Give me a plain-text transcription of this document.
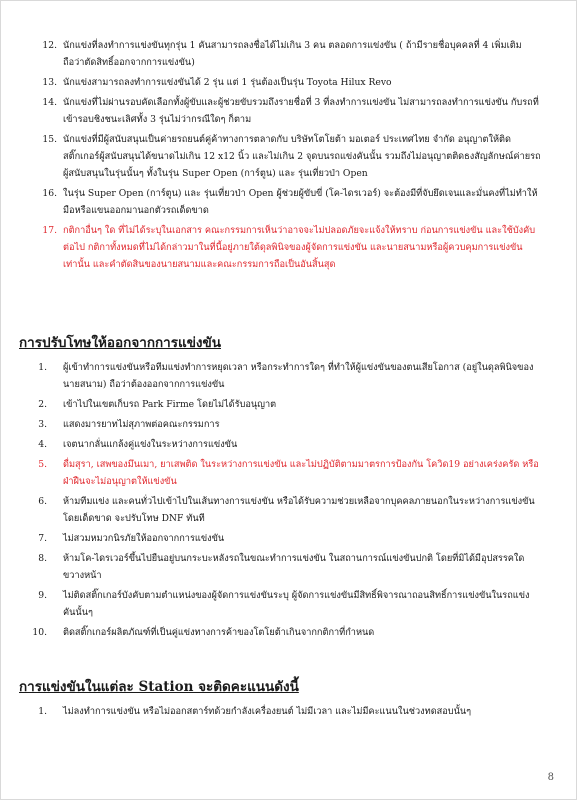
12. นักแข่งที่ลงทำการแข่งขันทุกรุ่น 1 คันสามารถลงชื่อได้ไม่เกิน 3 คน ตลอดการแข่งขัน ( ถ้ามีรายชื่อบุคคลที่ 4 เพิ่มเติม ถือว่าตัดสิทธิ์ออกจากการแข่งขัน)
13. นักแข่งสามารถลงทำการแข่งขันได้ 2 รุ่น แต่ 1 รุ่นต้องเป็นรุ่น Toyota Hilux Revo
14. นักแข่งที่ไม่ผ่านรอบคัดเลือกทั้งผู้ขับและผู้ช่วยขับรวมถึงรายชื่อที่ 3 ที่ลงทำการแข่งขัน ไม่สามารถลงทำการแข่งขัน กับรถที่เข้ารอบชิงชนะเลิศทั้ง 3 รุ่นไม่ว่ากรณีใดๆ ก็ตาม
15. นักแข่งที่มีผู้สนับสนุนเป็นค่ายรถยนต์คู่ค้าทางการตลาดกับ บริษัทโตโยต้า มอเตอร์ ประเทศไทย จำกัด อนุญาตให้ติดสติ๊กเกอร์ผู้สนับสนุนได้ขนาดไม่เกิน 12 x12 นิ้ว และไม่เกิน 2 จุดบนรถแข่งคันนั้น รวมถึงไม่อนุญาตติดธงสัญลักษณ์ค่ายรถผู้สนับสนุนในรุ่นนั้นๆ ทั้งในรุ่น Super Open (การ์ตูน) และ รุ่นเที่ยวป่า Open
16. ในรุ่น Super Open (การ์ตูน) และ รุ่นเที่ยวป่า Open ผู้ช่วยผู้ขับขี่ (โค-ไดรเวอร์) จะต้องมีที่จับยึดเจนและมั่นคงที่ไม่ทำให้มือหรือแขนออกมานอกตัวรถเด็ดขาด
17. กติกาอื่นๆ ใด ที่ไม่ได้ระบุในเอกสาร คณะกรรมการเห็นว่าอาจจะไม่ปลอดภัยจะแจ้งให้ทราบ ก่อนการแข่งขัน และใช้บังคับต่อไป กติกาทั้งหมดที่ไม่ได้กล่าวมาในที่นี้อยู่ภายใต้ดุลพินิจของผู้จัดการแข่งขัน และนายสนามหรือผู้ควบคุมการแข่งขันเท่านั้น และคำตัดสินของนายสนามและคณะกรรมการถือเป็นอันสิ้นสุด
การปรับโทษให้ออกจากการแข่งขัน
1. ผู้เข้าทำการแข่งขันหรือทีมแข่งทำการหยุดเวลา หรือกระทำการใดๆ ที่ทำให้ผู้แข่งขันของตนเสียโอกาส (อยู่ในดุลพินิจของนายสนาม) ถือว่าต้องออกจากการแข่งขัน
2. เข้าไปในเขตเก็บรถ Park Firme โดยไม่ได้รับอนุญาต
3. แสดงมารยาทไม่สุภาพต่อคณะกรรมการ
4. เจตนากลั่นแกล้งคู่แข่งในระหว่างการแข่งขัน
5. ดื่มสุรา, เสพของมึนเมา, ยาเสพติด ในระหว่างการแข่งขัน และไม่ปฏิบัติตามมาตรการป้องกัน โควิด19 อย่างเคร่งครัด หรือฝ่าฝืนจะไม่อนุญาตให้แข่งขัน
6. ห้ามทีมแข่ง และคนทั่วไปเข้าไปในเส้นทางการแข่งขัน หรือได้รับความช่วยเหลือจากบุคคลภายนอกในระหว่างการแข่งขันโดยเด็ดขาด จะปรับโทษ DNF ทันที
7. ไม่สวมหมวกนิรภัยให้ออกจากการแข่งขัน
8. ห้ามโค-ไดรเวอร์ขึ้นไปยืนอยู่บนกระบะหลังรถในขณะทำการแข่งขัน ในสถานการณ์แข่งขันปกติ โดยที่มิได้มีอุปสรรคใดขวางหน้า
9. ไม่ติดสติ๊กเกอร์บังคับตามตำแหน่งของผู้จัดการแข่งขันระบุ ผู้จัดการแข่งขันมีสิทธิ์พิจารณาถอนสิทธิ์การแข่งขันในรถแข่งคันนั้นๆ
10. ติดสติ๊กเกอร์ผลิตภัณฑ์ที่เป็นคู่แข่งทางการค้าของโตโยต้าเกินจากกติกาที่กำหนด
การแข่งขันในแต่ละ Station จะติดคะแนนดังนี้
1. ไม่ลงทำการแข่งขัน หรือไม่ออกสตาร์ทด้วยกำลังเครื่องยนต์ ไม่มีเวลา และไม่มีคะแนนในช่วงทดสอบนั้นๆ
8
